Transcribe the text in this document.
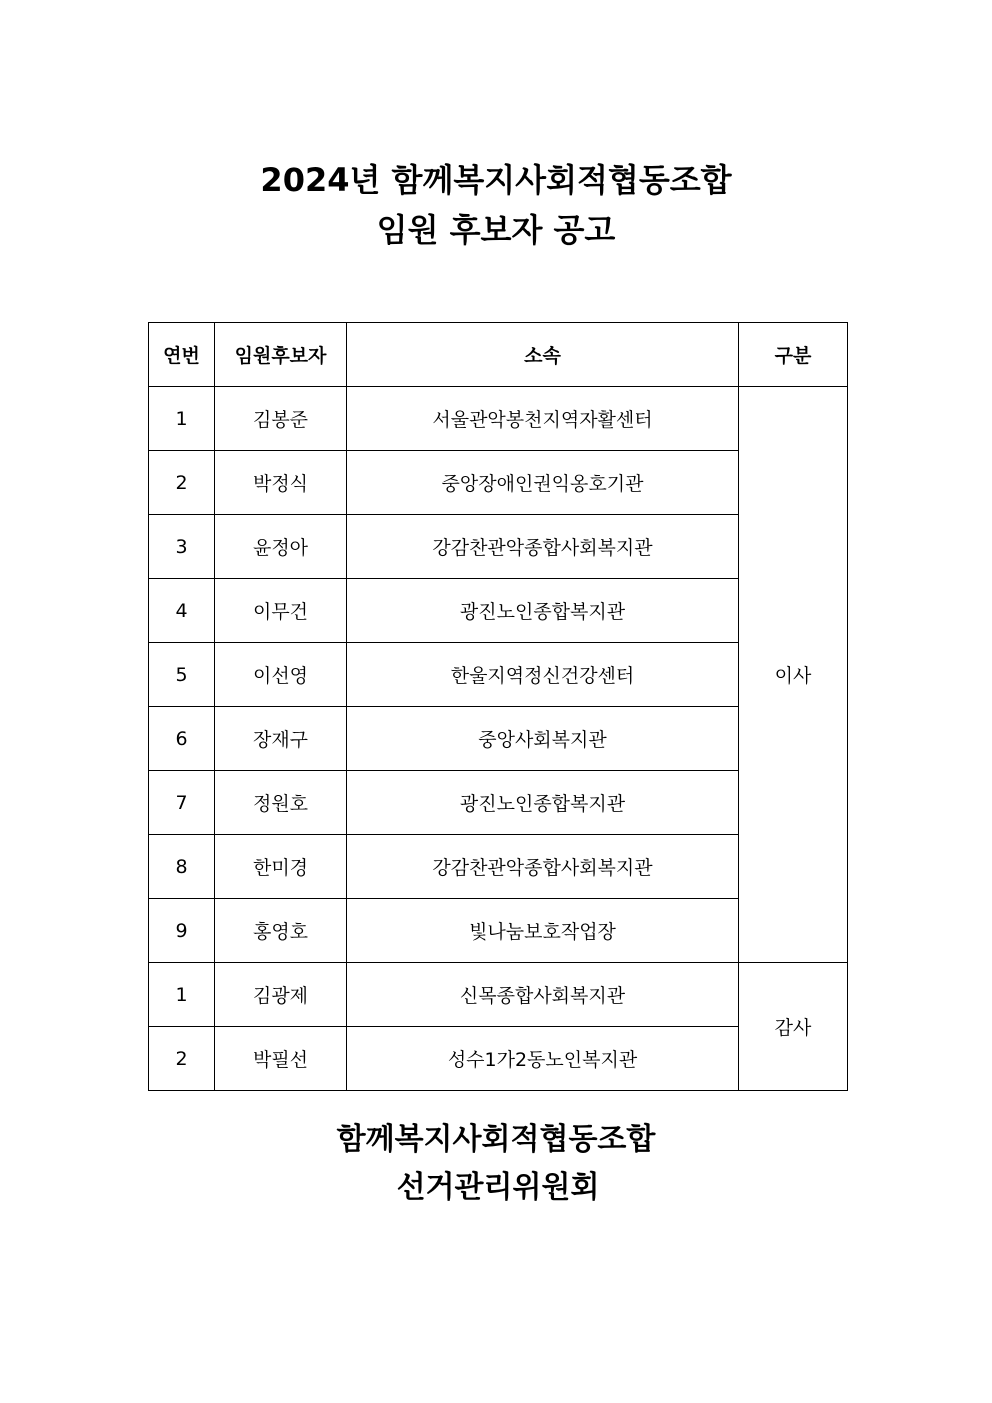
2024년 함께복지사회적협동조합
임원 후보자 공고
연번	임원후보자	소속	구분
1	김봉준	서울관악봉천지역자활센터	이사
2	박정식	중앙장애인권익옹호기관	
3	윤정아	강감찬관악종합사회복지관	
4	이무건	광진노인종합복지관	
5	이선영	한울지역정신건강센터	
6	장재구	중앙사회복지관	
7	정원호	광진노인종합복지관	
8	한미경	강감찬관악종합사회복지관	
9	홍영호	빛나눔보호작업장	
1	김광제	신목종합사회복지관	감사
2	박필선	성수1가2동노인복지관	

함께복지사회적협동조합

선거관리위원회
